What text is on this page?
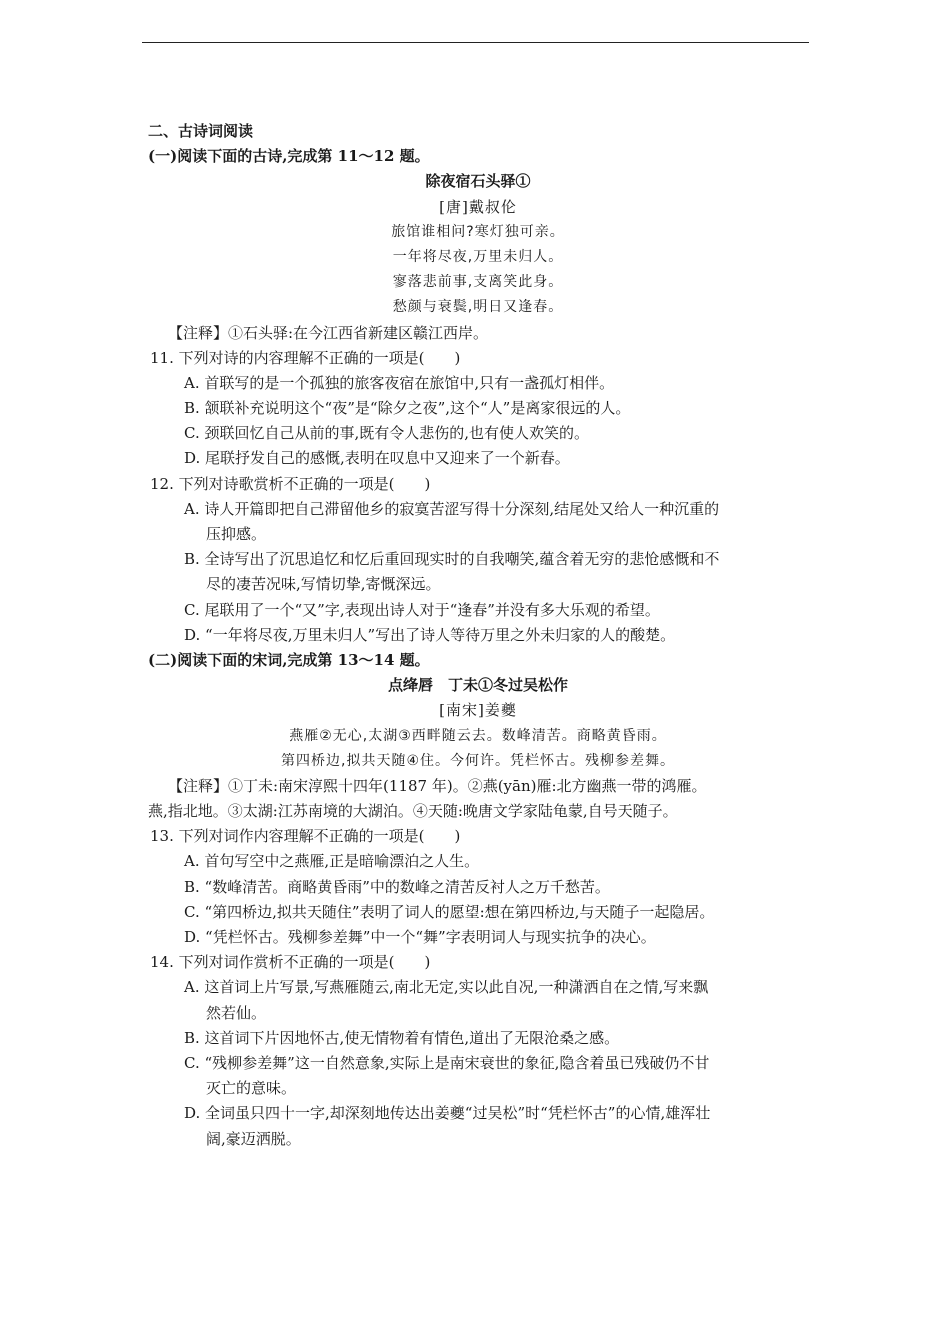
二、古诗词阅读
(一)阅读下面的古诗,完成第 11～12 题。
除夜宿石头驿①
[唐]戴叔伦
旅馆谁相问?寒灯独可亲。
一年将尽夜,万里未归人。
寥落悲前事,支离笑此身。
愁颜与衰鬓,明日又逢春。
【注释】①石头驿:在今江西省新建区赣江西岸。
11. 下列对诗的内容理解不正确的一项是(　　)
A. 首联写的是一个孤独的旅客夜宿在旅馆中,只有一盏孤灯相伴。
B. 颔联补充说明这个“夜”是“除夕之夜”,这个“人”是离家很远的人。
C. 颈联回忆自己从前的事,既有令人悲伤的,也有使人欢笑的。
D. 尾联抒发自己的感慨,表明在叹息中又迎来了一个新春。
12. 下列对诗歌赏析不正确的一项是(　　)
A. 诗人开篇即把自己滞留他乡的寂寞苦涩写得十分深刻,结尾处又给人一种沉重的
压抑感。
B. 全诗写出了沉思追忆和忆后重回现实时的自我嘲笑,蕴含着无穷的悲怆感慨和不
尽的凄苦况味,写情切挚,寄慨深远。
C. 尾联用了一个“又”字,表现出诗人对于“逢春”并没有多大乐观的希望。
D. “一年将尽夜,万里未归人”写出了诗人等待万里之外未归家的人的酸楚。
(二)阅读下面的宋词,完成第 13～14 题。
点绛唇　丁未①冬过吴松作
[南宋]姜夔
燕雁②无心,太湖③西畔随云去。数峰清苦。商略黄昏雨。
第四桥边,拟共天随④住。今何许。凭栏怀古。残柳参差舞。
【注释】①丁未:南宋淳熙十四年(1187 年)。②燕(yān)雁:北方幽燕一带的鸿雁。
燕,指北地。③太湖:江苏南境的大湖泊。④天随:晚唐文学家陆龟蒙,自号天随子。
13. 下列对词作内容理解不正确的一项是(　　)
A. 首句写空中之燕雁,正是暗喻漂泊之人生。
B. “数峰清苦。商略黄昏雨”中的数峰之清苦反衬人之万千愁苦。
C. “第四桥边,拟共天随住”表明了词人的愿望:想在第四桥边,与天随子一起隐居。
D. “凭栏怀古。残柳参差舞”中一个“舞”字表明词人与现实抗争的决心。
14. 下列对词作赏析不正确的一项是(　　)
A. 这首词上片写景,写燕雁随云,南北无定,实以此自况,一种潇洒自在之情,写来飘
然若仙。
B. 这首词下片因地怀古,使无情物着有情色,道出了无限沧桑之感。
C. “残柳参差舞”这一自然意象,实际上是南宋衰世的象征,隐含着虽已残破仍不甘
灭亡的意味。
D. 全词虽只四十一字,却深刻地传达出姜夔“过吴松”时“凭栏怀古”的心情,雄浑壮
阔,豪迈洒脱。
